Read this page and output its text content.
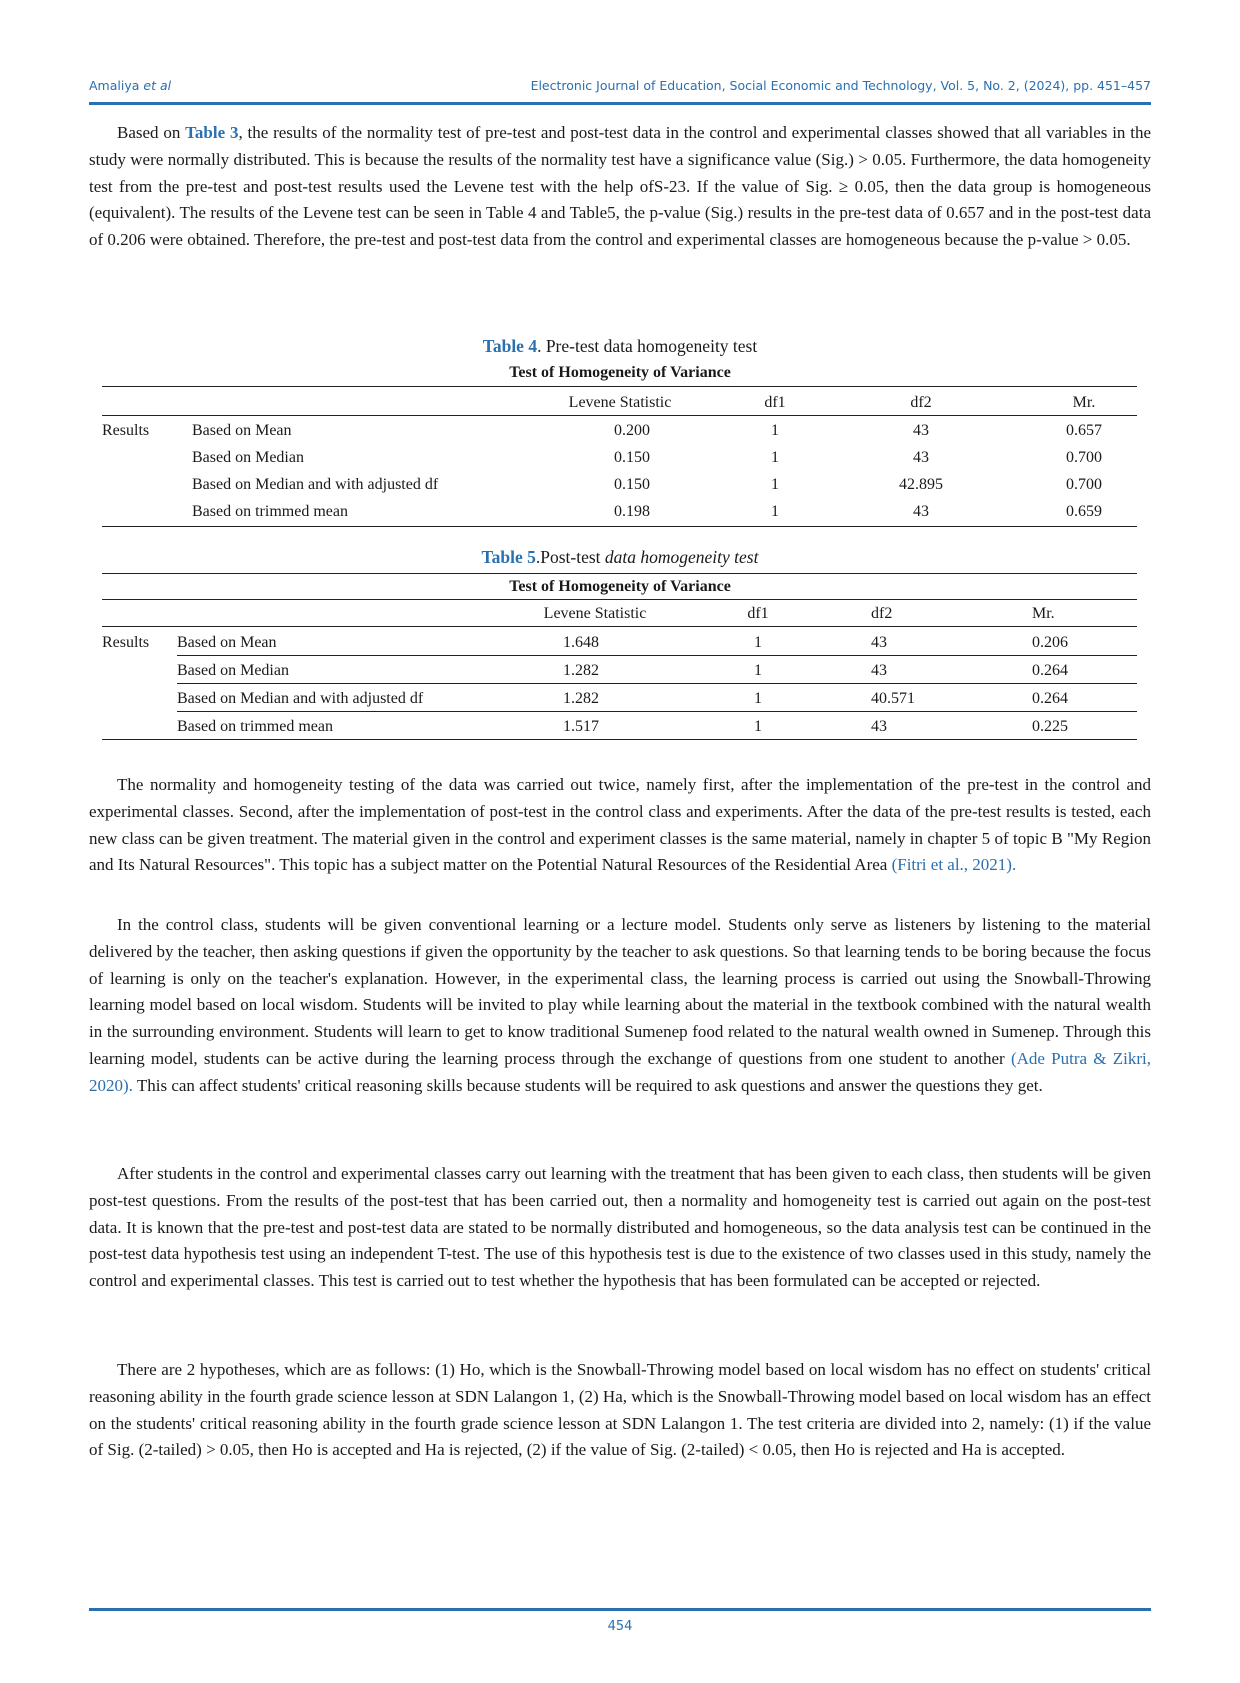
Amaliya et al	Electronic Journal of Education, Social Economic and Technology, Vol. 5, No. 2, (2024), pp. 451–457

Based on Table 3, the results of the normality test of pre-test and post-test data in the control and experimental classes showed that all variables in the study were normally distributed. This is because the results of the normality test have a significance value (Sig.) > 0.05. Furthermore, the data homogeneity test from the pre-test and post-test results used the Levene test with the help ofS-23. If the value of Sig. ≥ 0.05, then the data group is homogeneous (equivalent). The results of the Levene test can be seen in Table 4 and Table5, the p-value (Sig.) results in the pre-test data of 0.657 and in the post-test data of 0.206 were obtained. Therefore, the pre-test and post-test data from the control and experimental classes are homogeneous because the p-value > 0.05.

Table 4. Pre-test data homogeneity test
Test of Homogeneity of Variance
Levene Statistic	df1	df2	Mr.
Results	Based on Mean	0.200	1	43	0.657
Based on Median	0.150	1	43	0.700
Based on Median and with adjusted df	0.150	1	42.895	0.700
Based on trimmed mean	0.198	1	43	0.659
Table 5.Post-test data homogeneity test
Test of Homogeneity of Variance
Levene Statistic	df1	df2	Mr.
Results Based on Mean	1.648	1	43	0.206
Based on Median	1.282	1	43	0.264
Based on Median and with adjusted df	1.282	1	40.571	0.264
Based on trimmed mean	1.517	1	43	0.225

The normality and homogeneity testing of the data was carried out twice, namely first, after the implementation of the pre-test in the control and experimental classes. Second, after the implementation of post-test in the control class and experiments. After the data of the pre-test results is tested, each new class can be given treatment. The material given in the control and experiment classes is the same material, namely in chapter 5 of topic B "My Region and Its Natural Resources". This topic has a subject matter on the Potential Natural Resources of the Residential Area (Fitri et al., 2021).

In the control class, students will be given conventional learning or a lecture model. Students only serve as listeners by listening to the material delivered by the teacher, then asking questions if given the opportunity by the teacher to ask questions. So that learning tends to be boring because the focus of learning is only on the teacher's explanation. However, in the experimental class, the learning process is carried out using the Snowball-Throwing learning model based on local wisdom. Students will be invited to play while learning about the material in the textbook combined with the natural wealth in the surrounding environment. Students will learn to get to know traditional Sumenep food related to the natural wealth owned in Sumenep. Through this learning model, students can be active during the learning process through the exchange of questions from one student to another (Ade Putra & Zikri, 2020). This can affect students' critical reasoning skills because students will be required to ask questions and answer the questions they get.

After students in the control and experimental classes carry out learning with the treatment that has been given to each class, then students will be given post-test questions. From the results of the post-test that has been carried out, then a normality and homogeneity test is carried out again on the post-test data. It is known that the pre-test and post-test data are stated to be normally distributed and homogeneous, so the data analysis test can be continued in the post-test data hypothesis test using an independent T-test. The use of this hypothesis test is due to the existence of two classes used in this study, namely the control and experimental classes. This test is carried out to test whether the hypothesis that has been formulated can be accepted or rejected.

There are 2 hypotheses, which are as follows: (1) Ho, which is the Snowball-Throwing model based on local wisdom has no effect on students' critical reasoning ability in the fourth grade science lesson at SDN Lalangon 1, (2) Ha, which is the Snowball-Throwing model based on local wisdom has an effect on the students' critical reasoning ability in the fourth grade science lesson at SDN Lalangon 1. The test criteria are divided into 2, namely: (1) if the value of Sig. (2-tailed) > 0.05, then Ho is accepted and Ha is rejected, (2) if the value of Sig. (2-tailed) < 0.05, then Ho is rejected and Ha is accepted.

454
